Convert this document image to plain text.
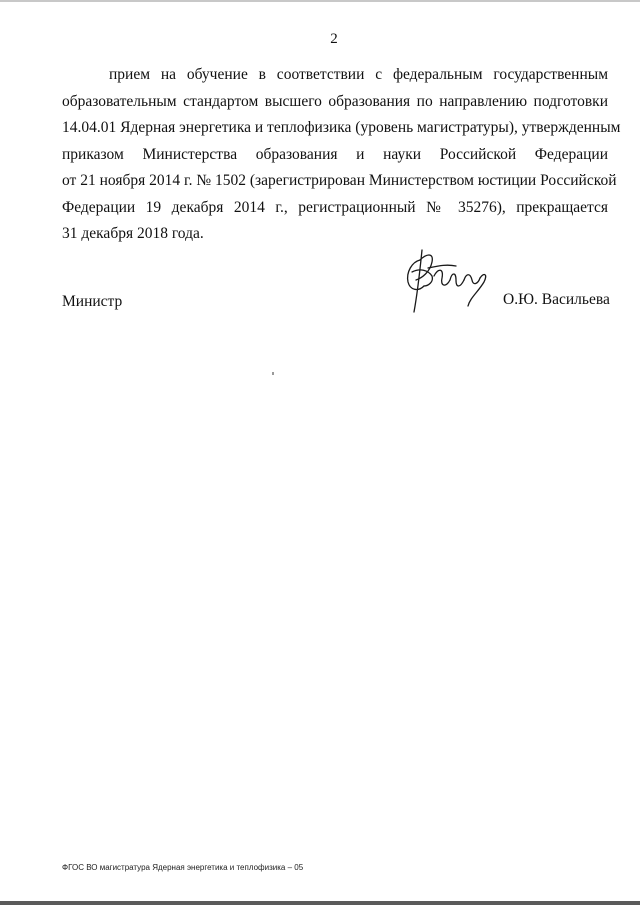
2
прием на обучение в соответствии с федеральным государственным
образовательным стандартом высшего образования по направлению подготовки
14.04.01 Ядерная энергетика и теплофизика (уровень магистратуры), утвержденным
приказом Министерства образования и науки Российской Федерации
от 21 ноября 2014 г. № 1502 (зарегистрирован Министерством юстиции Российской
Федерации 19 декабря 2014 г., регистрационный № 35276), прекращается
31 декабря 2018 года.
Министр	О.Ю. Васильева
ФГОС ВО магистратура Ядерная энергетика и теплофизика – 05
